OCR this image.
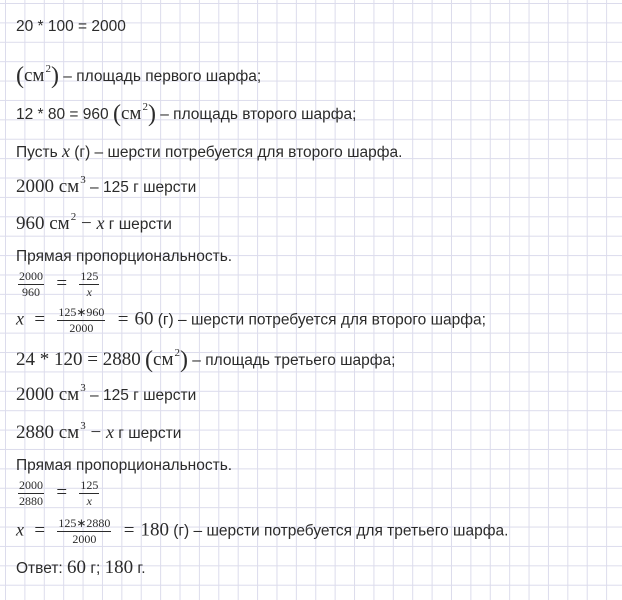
20 * 100 = 2000
$(см^2)$ – площадь первого шарфа;
12 * 80 = 960 $(см^2)$ – площадь второго шарфа;
Пусть x (г) – шерсти потребуется для второго шарфа.
2000 $см^3 - 125$ г шерсти
960 $см^2 - x$ г шерсти
Прямая пропорциональность.
$\frac{2000}{960} = \frac{125}{x}$
$x = \frac{125∗960}{2000} = 60$ (г) – шерсти потребуется для второго шарфа;
24 * 120 = 2880 $(см^2)$ – площадь третьего шарфа;
2000 $см^3 - 125$ г шерсти
2880 $см^3 - x$ г шерсти
Прямая пропорциональность.
$\frac{2000}{2880} = \frac{125}{x}$
$x = \frac{125∗2880}{2000} = 180$ (г) – шерсти потребуется для третьего шарфа.
Ответ: 60 г; 180 г.
